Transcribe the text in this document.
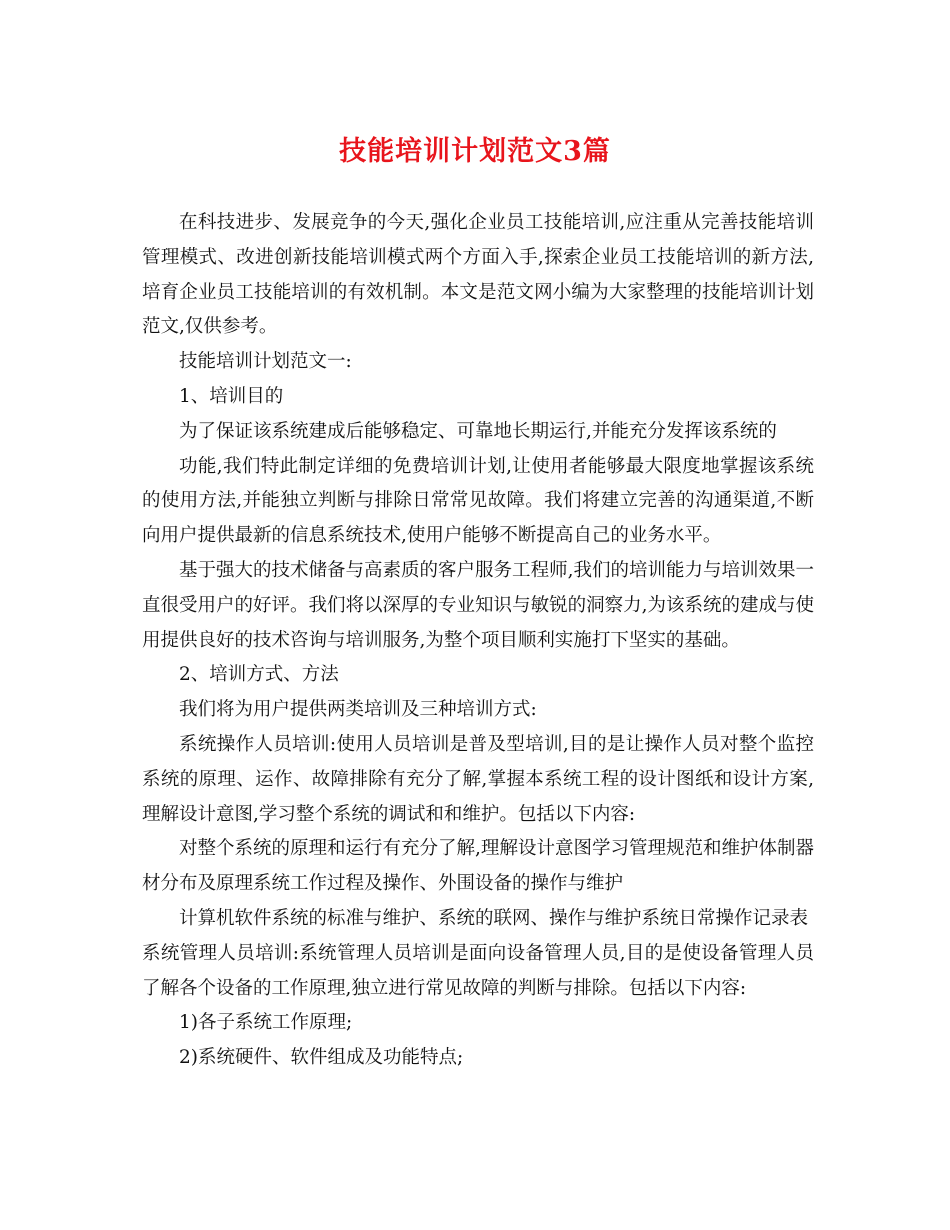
技能培训计划范文3篇

在科技进步、发展竞争的今天,强化企业员工技能培训,应注重从完善技能培训管理模式、改进创新技能培训模式两个方面入手,探索企业员工技能培训的新方法,培育企业员工技能培训的有效机制。本文是范文网小编为大家整理的技能培训计划范文,仅供参考。

技能培训计划范文一:

1、培训目的

为了保证该系统建成后能够稳定、可靠地长期运行,并能充分发挥该系统的

功能,我们特此制定详细的免费培训计划,让使用者能够最大限度地掌握该系统的使用方法,并能独立判断与排除日常常见故障。我们将建立完善的沟通渠道,不断向用户提供最新的信息系统技术,使用户能够不断提高自己的业务水平。

基于强大的技术储备与高素质的客户服务工程师,我们的培训能力与培训效果一直很受用户的好评。我们将以深厚的专业知识与敏锐的洞察力,为该系统的建成与使用提供良好的技术咨询与培训服务,为整个项目顺利实施打下坚实的基础。

2、培训方式、方法

我们将为用户提供两类培训及三种培训方式:

系统操作人员培训:使用人员培训是普及型培训,目的是让操作人员对整个监控系统的原理、运作、故障排除有充分了解,掌握本系统工程的设计图纸和设计方案,理解设计意图,学习整个系统的调试和和维护。包括以下内容:

对整个系统的原理和运行有充分了解,理解设计意图学习管理规范和维护体制器材分布及原理系统工作过程及操作、外围设备的操作与维护

计算机软件系统的标准与维护、系统的联网、操作与维护系统日常操作记录表

系统管理人员培训:系统管理人员培训是面向设备管理人员,目的是使设备管理人员了解各个设备的工作原理,独立进行常见故障的判断与排除。包括以下内容:

1)各子系统工作原理;

2)系统硬件、软件组成及功能特点;
